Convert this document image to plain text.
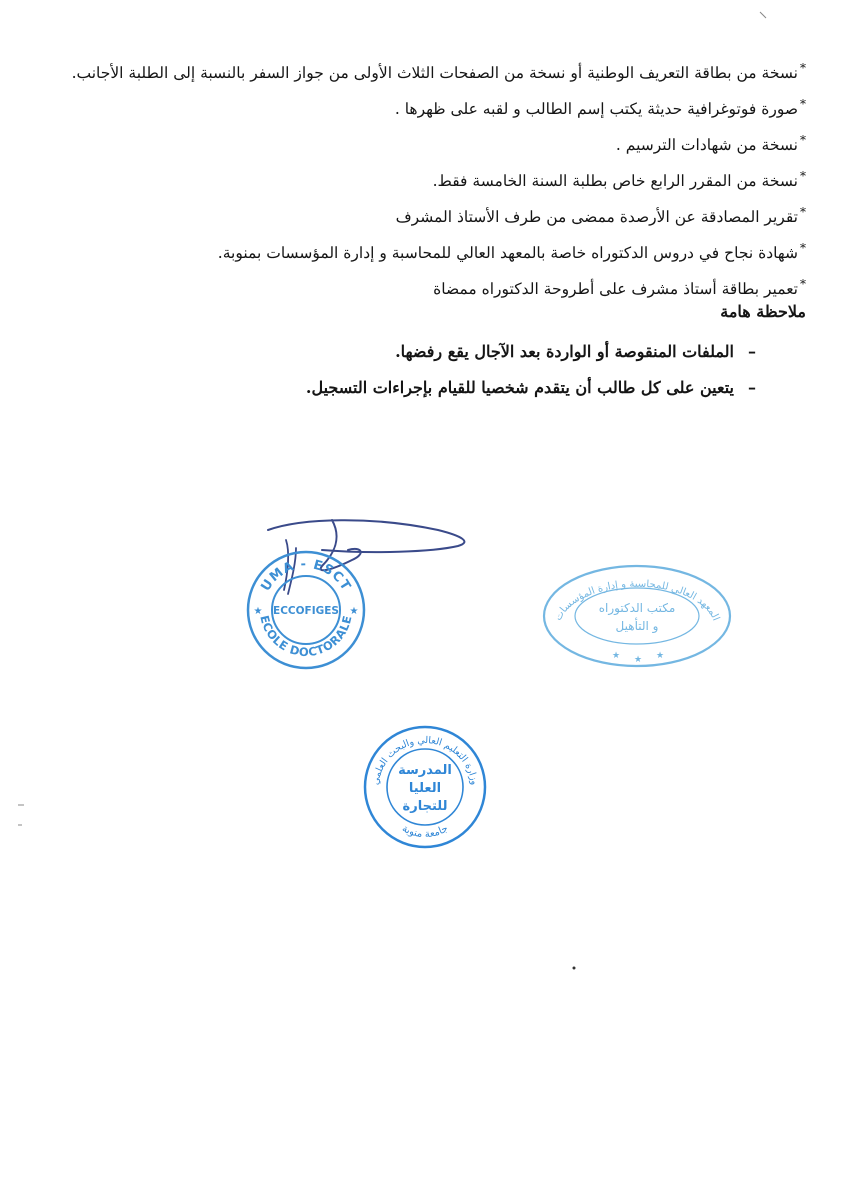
*نسخة من بطاقة التعريف الوطنية أو نسخة من الصفحات الثلاث الأولى من جواز السفر بالنسبة إلى الطلبة الأجانب.
*صورة فوتوغرافية حديثة يكتب إسم الطالب و لقبه على ظهرها .
*نسخة من شهادات الترسيم .
*نسخة من المقرر الرابع خاص بطلبة السنة الخامسة فقط.
*تقرير المصادقة عن الأرصدة ممضى من طرف الأستاذ المشرف
*شهادة نجاح في دروس الدكتوراه خاصة بالمعهد العالي للمحاسبة و إدارة المؤسسات بمنوبة.
*تعمير بطاقة أستاذ مشرف على أطروحة الدكتوراه ممضاة
ملاحظة هامة
–الملفات المنقوصة أو الواردة بعد الآجال يقع رفضها.
–يتعين على كل طالب أن يتقدم شخصيا للقيام بإجراءات التسجيل.
UMA - ESCT
ECOLE DOCTORALE
ECCOFIGES
★	★	المعهد العالي للمحاسبة و إدارة المؤسسات
مكتب الدكتوراه
و التأهيل
★ ★ ★
وزارة التعليم العالي والبحث العلمي
جامعة منوبة
المدرسة
العليا
للتجارة
